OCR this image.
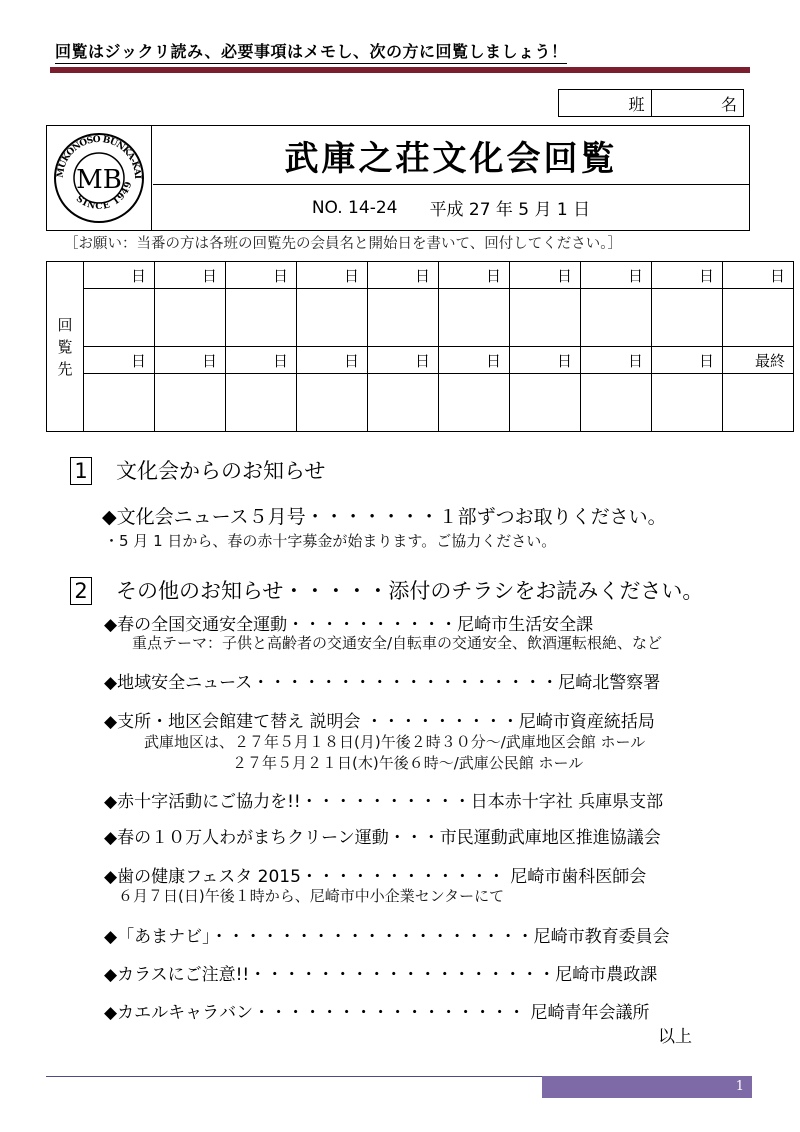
回覧はジックリ読み、必要事項はメモし、次の方に回覧しましょう！
班	名
MUKONOSO BUNKA-KAI
SINCE 1949
MB
武庫之荘文化会回覧
NO. 14-24 平成 27 年 5 月 1 日
［お願い：当番の方は各班の回覧先の会員名と開始日を書いて、回付してください。］
回
覧
先	日	日	日	日	日	日	日	日	日	日

	日	日	日	日	日	日	日	日	日	最終

1 文化会からのお知らせ
◆文化会ニュース５月号・・・・・・・１部ずつお取りください。
・5 月 1 日から、春の赤十字募金が始まります。ご協力ください。
2 その他のお知らせ・・・・・添付のチラシをお読みください。
◆春の全国交通安全運動・・・・・・・・・・尼崎市生活安全課
重点テーマ：子供と高齢者の交通安全/自転車の交通安全、飲酒運転根絶、など
◆地域安全ニュース・・・・・・・・・・・・・・・・・・尼崎北警察署
◆支所・地区会館建て替え 説明会 ・・・・・・・・・尼崎市資産統括局
武庫地区は、２７年５月１８日(月)午後２時３０分～/武庫地区会館 ホール
２７年５月２１日(木)午後６時～/武庫公民館 ホール
◆赤十字活動にご協力を!!・・・・・・・・・・日本赤十字社 兵庫県支部
◆春の１０万人わがまちクリーン運動・・・市民運動武庫地区推進協議会
◆歯の健康フェスタ 2015・・・・・・・・・・・・ 尼崎市歯科医師会
６月７日(日)午後１時から、尼崎市中小企業センターにて
◆「あまナビ」・・・・・・・・・・・・・・・・・・・尼崎市教育委員会
◆カラスにご注意!!・・・・・・・・・・・・・・・・・・尼崎市農政課
◆カエルキャラバン・・・・・・・・・・・・・・・・ 尼崎青年会議所
以上
1
